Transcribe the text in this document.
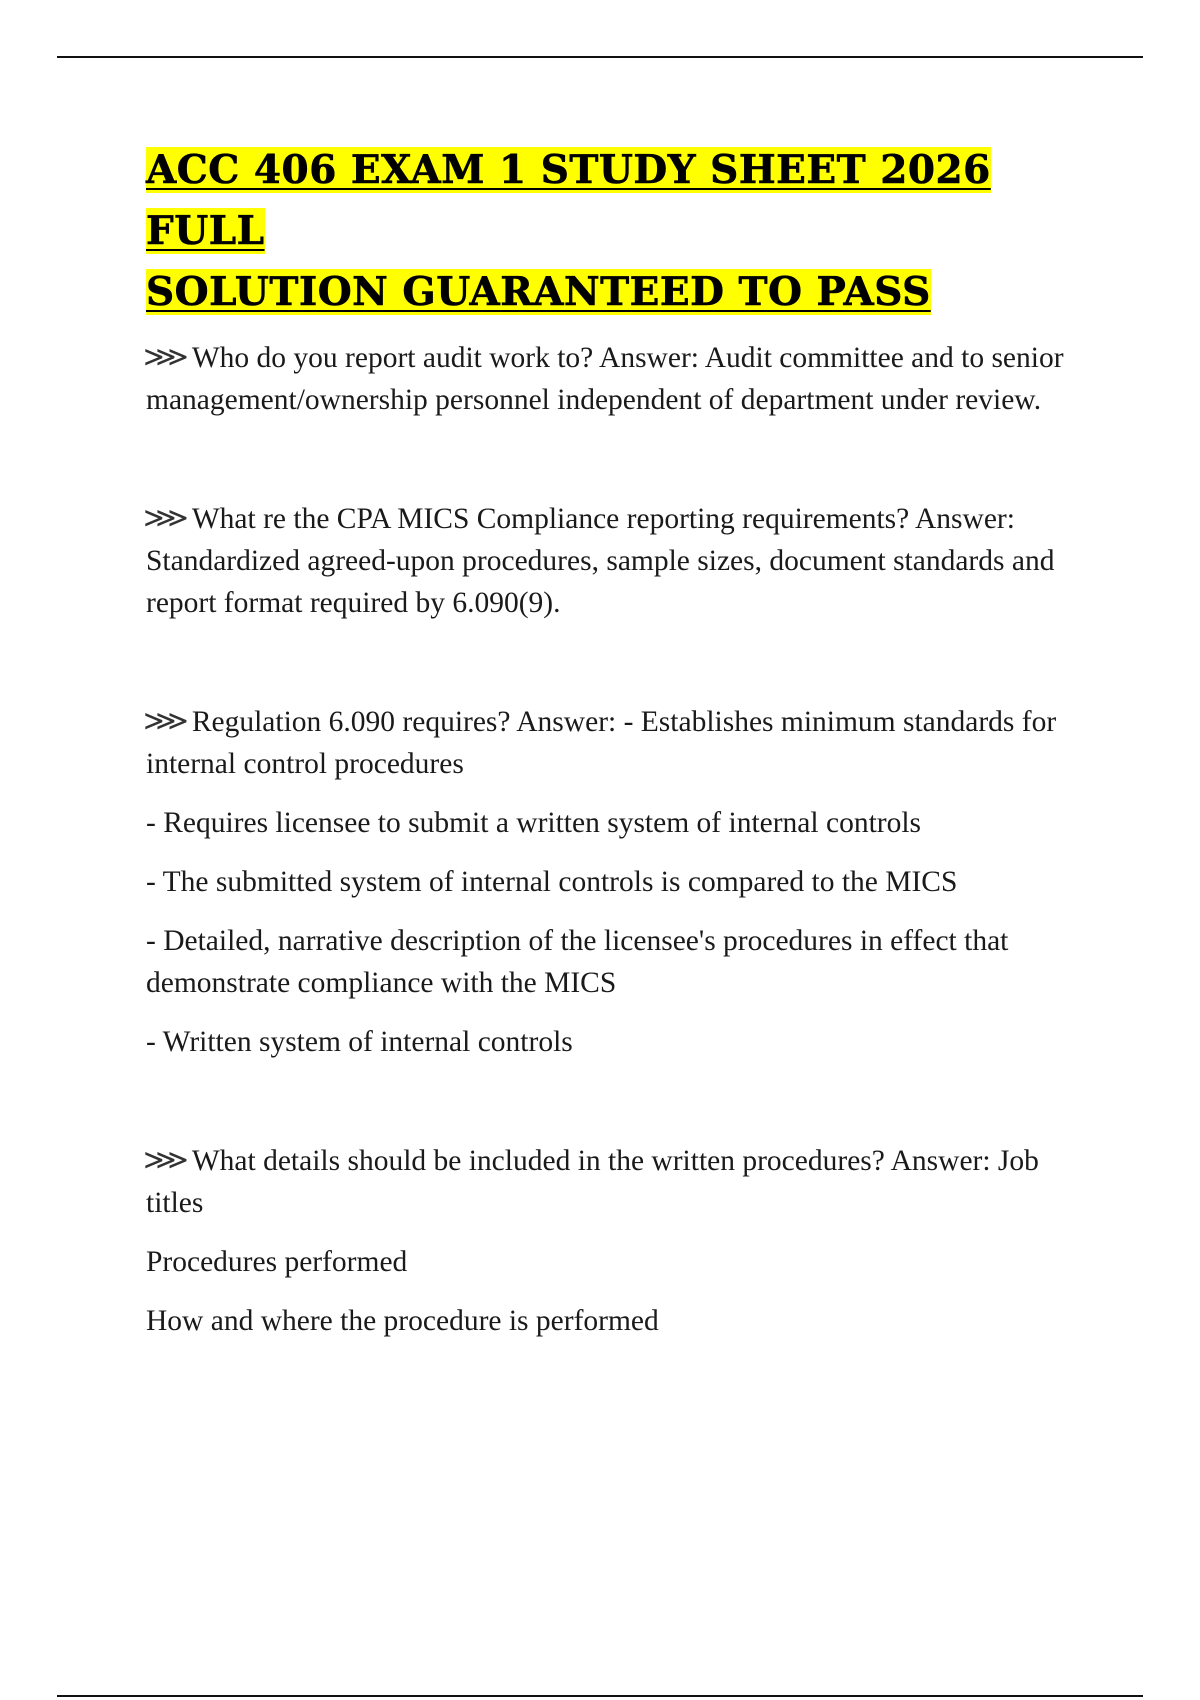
ACC 406 EXAM 1 STUDY SHEET 2026 FULL
SOLUTION GUARANTEED TO PASS

⋙ Who do you report audit work to? Answer: Audit committee and to senior management/ownership personnel independent of department under review.

⋙ What re the CPA MICS Compliance reporting requirements? Answer: Standardized agreed-upon procedures, sample sizes, document standards and report format required by 6.090(9).

⋙ Regulation 6.090 requires? Answer: - Establishes minimum standards for internal control procedures

- Requires licensee to submit a written system of internal controls

- The submitted system of internal controls is compared to the MICS

- Detailed, narrative description of the licensee's procedures in effect that demonstrate compliance with the MICS

- Written system of internal controls

⋙ What details should be included in the written procedures? Answer: Job titles

Procedures performed

How and where the procedure is performed
